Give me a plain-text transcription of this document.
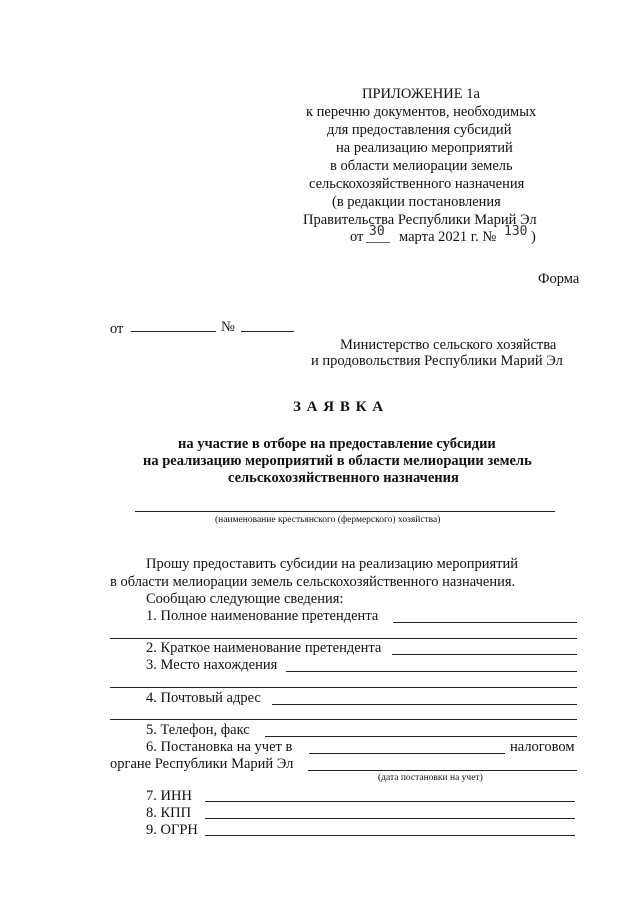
ПРИЛОЖЕНИЕ 1а
к перечню документов, необходимых
для предоставления субсидий
на реализацию мероприятий
в области мелиорации земель
сельскохозяйственного назначения
(в редакции постановления
Правительства Республики Марий Эл
от 30 марта 2021 г. № 130 )
Форма
от	№
Министерство сельского хозяйства
и продовольствия Республики Марий Эл
З А Я В К А
на участие в отборе на предоставление субсидии
на реализацию мероприятий в области мелиорации земель
сельскохозяйственного назначения
(наименование крестьянского (фермерского) хозяйства)
Прошу предоставить субсидии на реализацию мероприятий
в области мелиорации земель сельскохозяйственного назначения.
Сообщаю следующие сведения:
1. Полное наименование претендента
2. Краткое наименование претендента
3. Место нахождения
4. Почтовый адрес
5. Телефон, факс
6. Постановка на учет в	налоговом
органе Республики Марий Эл
(дата постановки на учет)
7. ИНН
8. КПП
9. ОГРН
